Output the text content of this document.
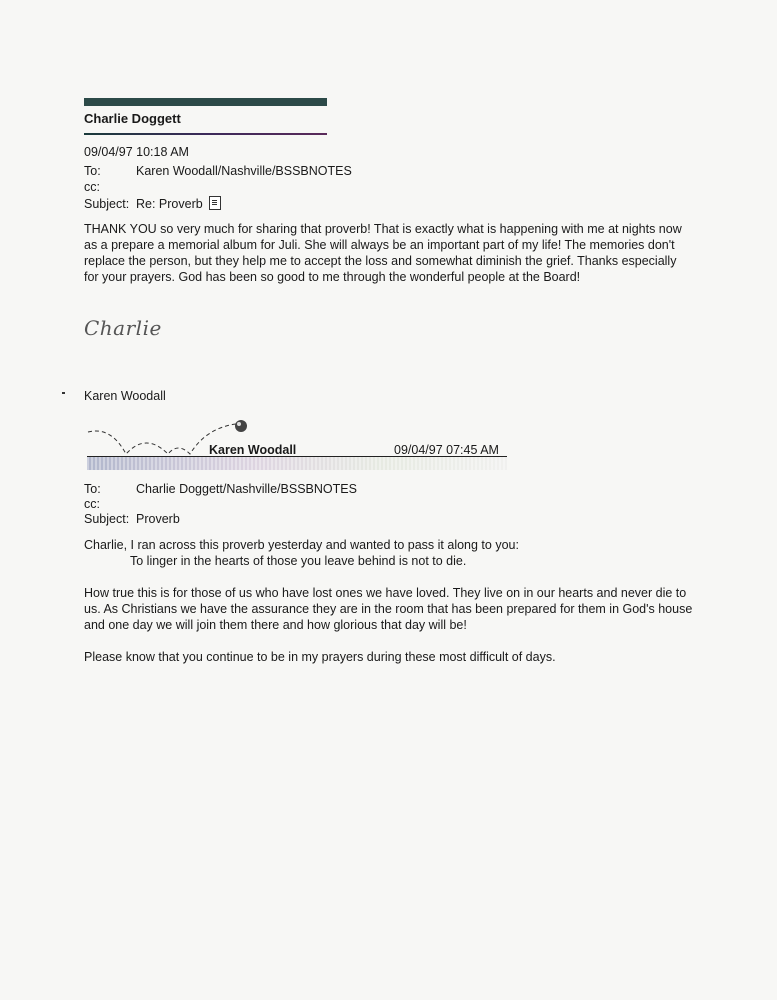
Charlie Doggett
09/04/97 10:18 AM
To:	Karen Woodall/Nashville/BSSBNOTES
cc:
Subject: Re: Proverb

THANK YOU so very much for sharing that proverb! That is exactly what is happening with me at nights now as a prepare a memorial album for Juli. She will always be an important part of my life! The memories don't replace the person, but they help me to accept the loss and somewhat diminish the grief. Thanks especially for your prayers. God has been so good to me through the wonderful people at the Board!

Charlie
Karen Woodall
Karen Woodall	09/04/97 07:45 AM
To:	Charlie Doggett/Nashville/BSSBNOTES
cc:
Subject: Proverb
Charlie, I ran across this proverb yesterday and wanted to pass it along to you:
To linger in the hearts of those you leave behind is not to die.
How true this is for those of us who have lost ones we have loved. They live on in our hearts and never die to us. As Christians we have the assurance they are in the room that has been prepared for them in God's house and one day we will join them there and how glorious that day will be!
Please know that you continue to be in my prayers during these most difficult of days.
